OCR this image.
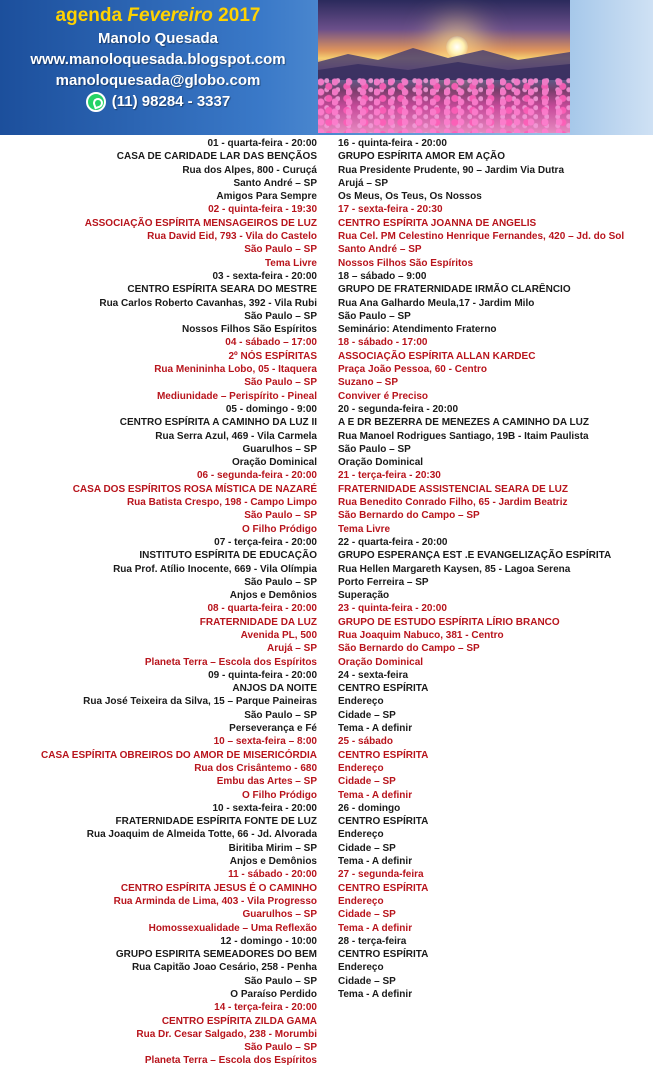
agenda Fevereiro 2017
Manolo Quesada
www.manoloquesada.blogspot.com
manoloquesada@globo.com
(11) 98284 - 3337
01 - quarta-feira - 20:00
CASA DE CARIDADE LAR DAS BENÇÃOS
Rua dos Alpes, 800 - Curuçá
Santo André – SP
Amigos Para Sempre
02 - quinta-feira - 19:30
ASSOCIAÇÃO ESPÍRITA MENSAGEIROS DE LUZ
Rua David Eid, 793 - Vila do Castelo
São Paulo – SP
Tema Livre
03 - sexta-feira - 20:00
CENTRO ESPÍRITA SEARA DO MESTRE
Rua Carlos Roberto Cavanhas, 392 - Vila Rubi
São Paulo – SP
Nossos Filhos São Espíritos
04 - sábado – 17:00
2º NÓS ESPÍRITAS
Rua Menininha Lobo, 05 - Itaquera
São Paulo – SP
Mediunidade – Perispírito - Pineal
05 - domingo - 9:00
CENTRO ESPÍRITA A CAMINHO DA LUZ II
Rua Serra Azul, 469 - Vila Carmela
Guarulhos – SP
Oração Dominical
06 - segunda-feira - 20:00
CASA DOS ESPÍRITOS ROSA MÍSTICA DE NAZARÉ
Rua Batista Crespo, 198 - Campo Limpo
São Paulo – SP
O Filho Pródigo
07 - terça-feira - 20:00
INSTITUTO ESPÍRITA DE EDUCAÇÃO
Rua Prof. Atílio Inocente, 669 - Vila Olímpia
São Paulo – SP
Anjos e Demônios
08 - quarta-feira - 20:00
FRATERNIDADE DA LUZ
Avenida PL, 500
Arujá – SP
Planeta Terra – Escola dos Espíritos
09 - quinta-feira - 20:00
ANJOS DA NOITE
Rua José Teixeira da Silva, 15 – Parque Paineiras
São Paulo – SP
Perseverança e Fé
10 – sexta-feira – 8:00
CASA ESPÍRITA OBREIROS DO AMOR DE MISERICÓRDIA
Rua dos Crisântemo - 680
Embu das Artes – SP
O Filho Pródigo
10 - sexta-feira - 20:00
FRATERNIDADE ESPÍRITA FONTE DE LUZ
Rua Joaquim de Almeida Totte, 66 - Jd. Alvorada
Biritiba Mirim – SP
Anjos e Demônios
11 - sábado - 20:00
CENTRO ESPÍRITA JESUS É O CAMINHO
Rua Arminda de Lima, 403 - Vila Progresso
Guarulhos – SP
Homossexualidade – Uma Reflexão
12 - domingo - 10:00
GRUPO ESPIRITA SEMEADORES DO BEM
Rua Capitão Joao Cesário, 258 - Penha
São Paulo – SP
O Paraíso Perdido
14 - terça-feira - 20:00
CENTRO ESPÍRITA ZILDA GAMA
Rua Dr. Cesar Salgado, 238 - Morumbi
São Paulo – SP
Planeta Terra – Escola dos Espíritos
16 - quinta-feira - 20:00
GRUPO ESPÍRITA AMOR EM AÇÃO
Rua Presidente Prudente, 90 – Jardim Via Dutra
Arujá – SP
Os Meus, Os Teus, Os Nossos
17 - sexta-feira - 20:30
CENTRO ESPÍRITA JOANNA DE ANGELIS
Rua Cel. PM Celestino Henrique Fernandes, 420 – Jd. do Sol
Santo André – SP
Nossos Filhos São Espíritos
18 – sábado – 9:00
GRUPO DE FRATERNIDADE IRMÃO CLARÊNCIO
Rua Ana Galhardo Meula,17 - Jardim Milo
São Paulo – SP
Seminário: Atendimento Fraterno
18 - sábado - 17:00
ASSOCIAÇÃO ESPÍRITA ALLAN KARDEC
Praça João Pessoa, 60 - Centro
Suzano – SP
Conviver é Preciso
20 - segunda-feira - 20:00
A E DR BEZERRA DE MENEZES A CAMINHO DA LUZ
Rua Manoel Rodrigues Santiago, 19B - Itaim Paulista
São Paulo – SP
Oração Dominical
21 - terça-feira - 20:30
FRATERNIDADE ASSISTENCIAL SEARA DE LUZ
Rua Benedito Conrado Filho, 65 - Jardim Beatriz
São Bernardo do Campo – SP
Tema Livre
22 - quarta-feira - 20:00
GRUPO ESPERANÇA EST .E EVANGELIZAÇÃO ESPÍRITA
Rua Hellen Margareth Kaysen, 85 - Lagoa Serena
Porto Ferreira – SP
Superação
23 - quinta-feira - 20:00
GRUPO DE ESTUDO ESPÍRITA LÍRIO BRANCO
Rua Joaquim Nabuco, 381 - Centro
São Bernardo do Campo – SP
Oração Dominical
24 - sexta-feira
CENTRO ESPÍRITA
Endereço
Cidade – SP
Tema - A definir
25 - sábado
CENTRO ESPÍRITA
Endereço
Cidade – SP
Tema - A definir
26 - domingo
CENTRO ESPÍRITA
Endereço
Cidade – SP
Tema - A definir
27 - segunda-feira
CENTRO ESPÍRITA
Endereço
Cidade – SP
Tema - A definir
28 - terça-feira
CENTRO ESPÍRITA
Endereço
Cidade – SP
Tema - A definir
